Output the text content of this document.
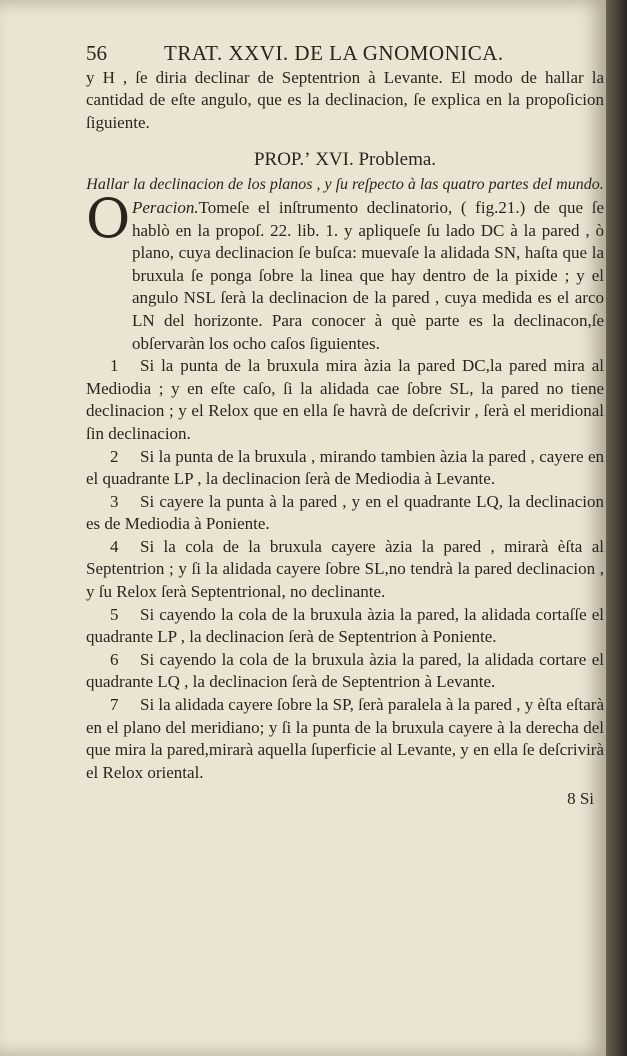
56	TRAT. XXVI. DE LA GNOMONICA.

y H , ſe diria declinar de Septentrion à Levante. El modo de hallar la cantidad de eſte angulo, que es la declinacion, ſe explica en la propoſicion ſiguiente.

PROP.ʼ XVI. Problema.
Hallar la declinacion de los planos , y ſu reſpecto à las quatro partes del mundo.

O Peracion.Tomeſe el inſtrumento declinatorio, ( fig.21.) de que ſe hablò en la propoſ. 22. lib. 1. y apliqueſe ſu lado DC à la pared , ò plano, cuya declinacion ſe buſca: muevaſe la alidada SN, haſta que la bruxula ſe ponga ſobre la linea que hay dentro de la pixide ; y el angulo NSL ſerà la declinacion de la pared , cuya medida es el arco LN del horizonte. Para conocer à què parte es la declinacon,ſe obſervaràn los ocho caſos ſiguientes.

1 Si la punta de la bruxula mira àzia la pared DC,la pared mira al Mediodia ; y en eſte caſo, ſi la alidada cae ſobre SL, la pared no tiene declinacion ; y el Relox que en ella ſe havrà de deſcrivir , ſerà el meridional ſin declinacion.

2 Si la punta de la bruxula , mirando tambien àzia la pared , cayere en el quadrante LP , la declinacion ſerà de Mediodia à Levante.

3 Si cayere la punta à la pared , y en el quadrante LQ, la declinacion es de Mediodia à Poniente.

4 Si la cola de la bruxula cayere àzia la pared , mirarà èſta al Septentrion ; y ſi la alidada cayere ſobre SL,no tendrà la pared declinacion , y ſu Relox ſerà Septentrional, no declinante.

5 Si cayendo la cola de la bruxula àzia la pared, la alidada cortaſſe el quadrante LP , la declinacion ſerà de Septentrion à Poniente.

6 Si cayendo la cola de la bruxula àzia la pared, la alidada cortare el quadrante LQ , la declinacion ſerà de Septentrion à Levante.

7 Si la alidada cayere ſobre la SP, ſerà paralela à la pared , y èſta eſtarà en el plano del meridiano; y ſi la punta de la bruxula cayere à la derecha del que mira la pared,mirarà aquella ſuperficie al Levante, y en ella ſe deſcrivirà el Relox oriental.

8 Si
